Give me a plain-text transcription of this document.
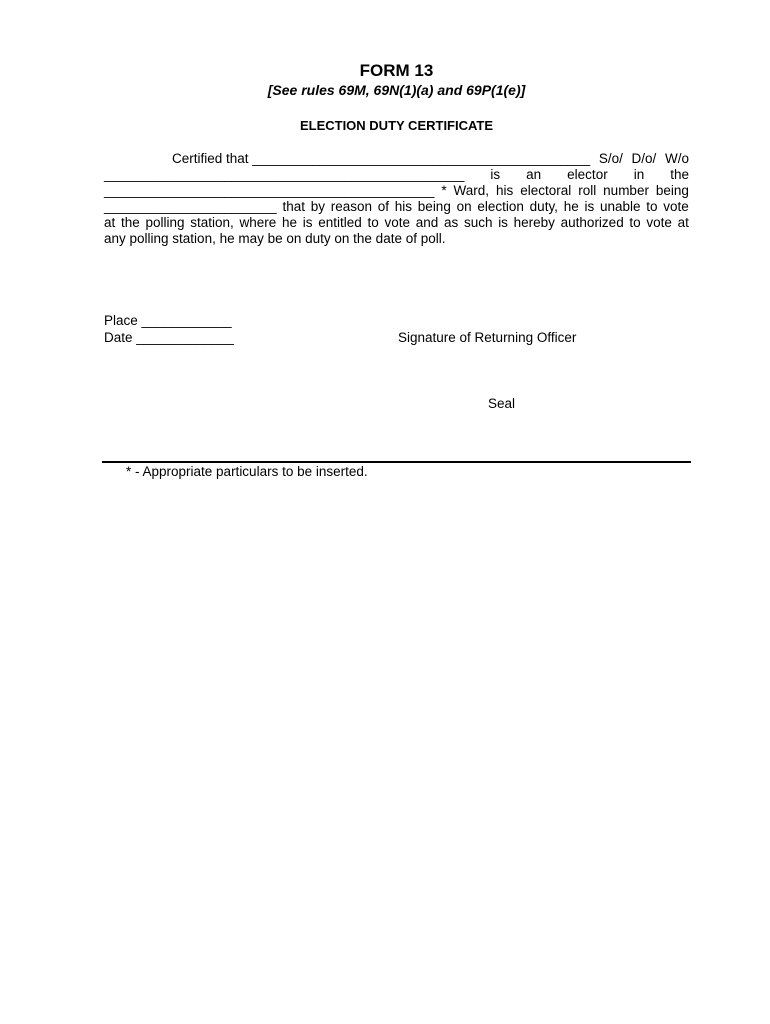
FORM 13
[See rules 69M, 69N(1)(a) and 69P(1(e)]
ELECTION DUTY CERTIFICATE
Certified that _____________________________________________ S/o/ D/o/ W/o
________________________________________________ is an elector in the
____________________________________________ * Ward, his electoral roll number being
_______________________ that by reason of his being on election duty, he is unable to vote
at the polling station, where he is entitled to vote and as such is hereby authorized to vote at
any polling station, he may be on duty on the date of poll.
Place ____________
Date _____________	Signature of Returning Officer
Seal
* - Appropriate particulars to be inserted.
